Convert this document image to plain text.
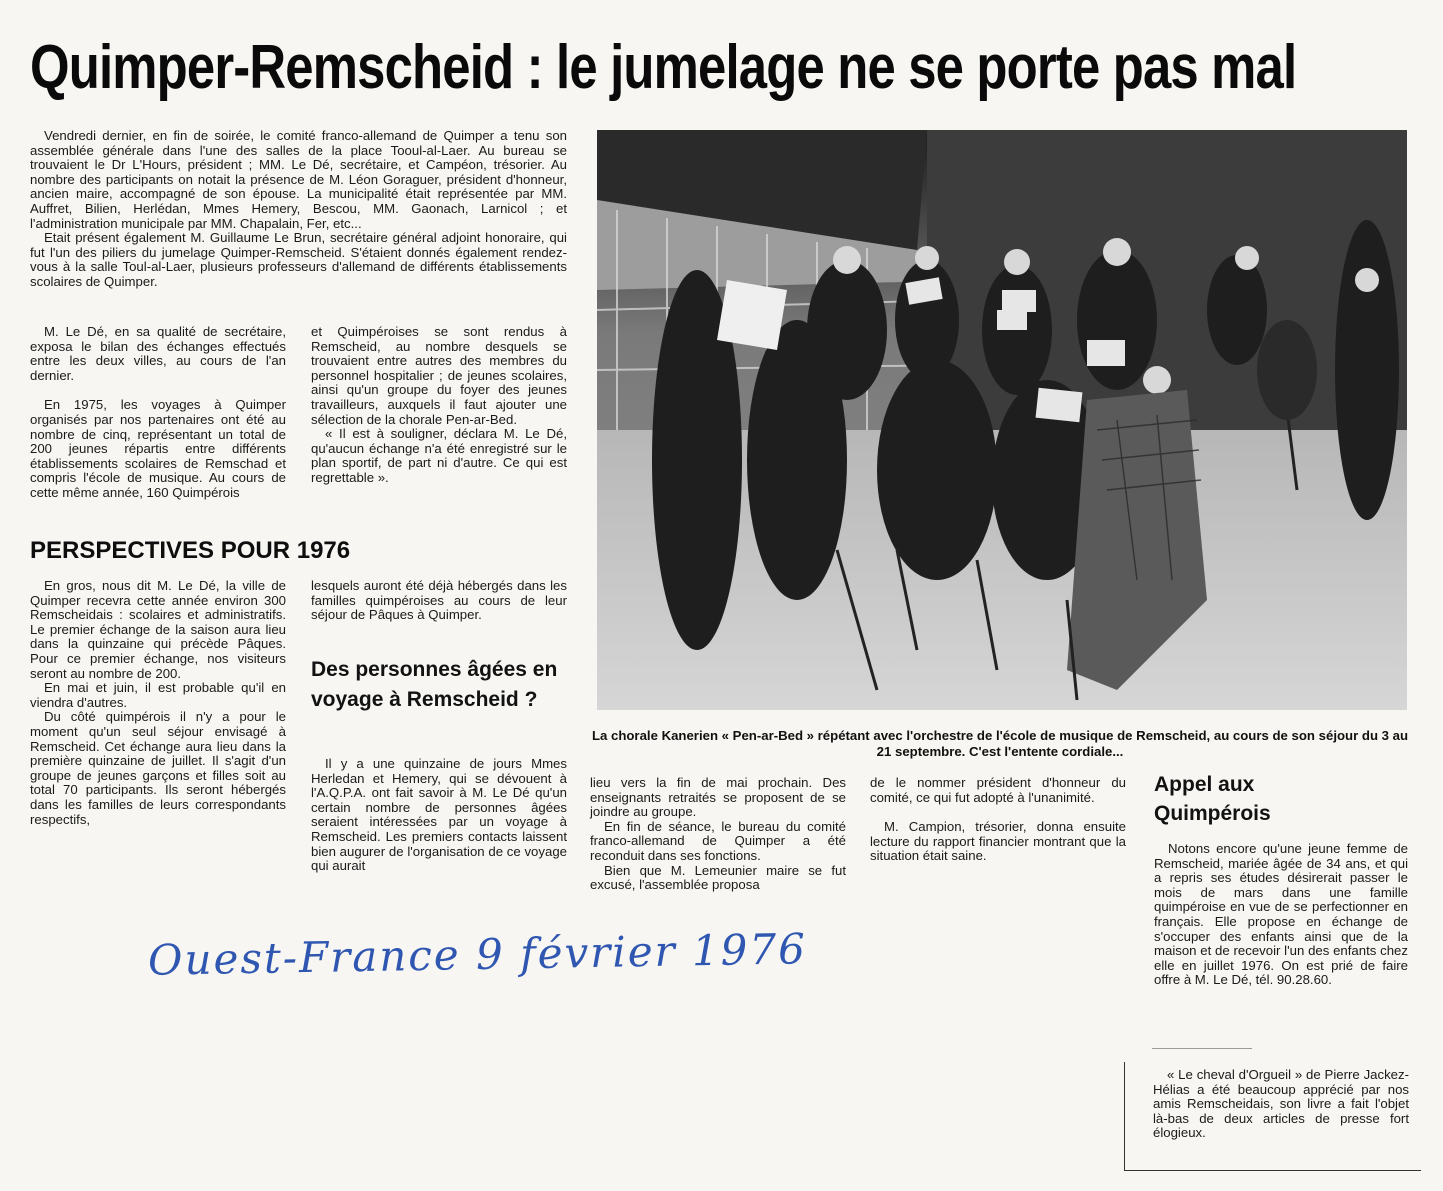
Quimper-Remscheid : le jumelage ne se porte pas mal

Vendredi dernier, en fin de soirée, le comité franco-allemand de Quimper a tenu son assemblée générale dans l'une des salles de la place Tooul-al-Laer. Au bureau se trouvaient le Dr L'Hours, président ; MM. Le Dé, secrétaire, et Campéon, trésorier. Au nombre des participants on notait la présence de M. Léon Goraguer, président d'honneur, ancien maire, accompagné de son épouse. La municipalité était représentée par MM. Auffret, Bilien, Herlédan, Mmes Hemery, Bescou, MM. Gaonach, Larnicol ; et l'administration municipale par MM. Chapalain, Fer, etc...

Etait présent également M. Guillaume Le Brun, secrétaire général adjoint honoraire, qui fut l'un des piliers du jumelage Quimper-Remscheid. S'étaient donnés également rendez-vous à la salle Toul-al-Laer, plusieurs professeurs d'allemand de différents établissements scolaires de Quimper.

M. Le Dé, en sa qualité de secrétaire, exposa le bilan des échanges effectués entre les deux villes, au cours de l'an dernier.

En 1975, les voyages à Quimper organisés par nos partenaires ont été au nombre de cinq, représentant un total de 200 jeunes répartis entre différents établissements scolaires de Remschad et compris l'école de musique. Au cours de cette même année, 160 Quimpérois

et Quimpéroises se sont rendus à Remscheid, au nombre desquels se trouvaient entre autres des membres du personnel hospitalier ; de jeunes scolaires, ainsi qu'un groupe du foyer des jeunes travailleurs, auxquels il faut ajouter une sélection de la chorale Pen-ar-Bed.

« Il est à souligner, déclara M. Le Dé, qu'aucun échange n'a été enregistré sur le plan sportif, de part ni d'autre. Ce qui est regrettable ».

PERSPECTIVES POUR 1976

En gros, nous dit M. Le Dé, la ville de Quimper recevra cette année environ 300 Remscheidais : scolaires et administratifs. Le premier échange de la saison aura lieu dans la quinzaine qui précède Pâques. Pour ce premier échange, nos visiteurs seront au nombre de 200.

En mai et juin, il est probable qu'il en viendra d'autres.

Du côté quimpérois il n'y a pour le moment qu'un seul séjour envisagé à Remscheid. Cet échange aura lieu dans la première quinzaine de juillet. Il s'agit d'un groupe de jeunes garçons et filles soit au total 70 participants. Ils seront hébergés dans les familles de leurs correspondants respectifs,

lesquels auront été déjà hébergés dans les familles quimpéroises au cours de leur séjour de Pâques à Quimper.

Des personnes âgées en voyage à Remscheid ?

Il y a une quinzaine de jours Mmes Herledan et Hemery, qui se dévouent à l'A.Q.P.A. ont fait savoir à M. Le Dé qu'un certain nombre de personnes âgées seraient intéressées par un voyage à Remscheid. Les premiers contacts laissent bien augurer de l'organisation de ce voyage qui aurait

La chorale Kanerien « Pen-ar-Bed » répétant avec l'orchestre de l'école de musique de Remscheid, au cours de son séjour du 3 au 21 septembre. C'est l'entente cordiale...

lieu vers la fin de mai prochain. Des enseignants retraités se proposent de se joindre au groupe.

En fin de séance, le bureau du comité franco-allemand de Quimper a été reconduit dans ses fonctions.

Bien que M. Lemeunier maire se fut excusé, l'assemblée proposa

de le nommer président d'honneur du comité, ce qui fut adopté à l'unanimité.

M. Campion, trésorier, donna ensuite lecture du rapport financier montrant que la situation était saine.

Appel aux Quimpérois

Notons encore qu'une jeune femme de Remscheid, mariée âgée de 34 ans, et qui a repris ses études désirerait passer le mois de mars dans une famille quimpéroise en vue de se perfectionner en français. Elle propose en échange de s'occuper des enfants ainsi que de la maison et de recevoir l'un des enfants chez elle en juillet 1976. On est prié de faire offre à M. Le Dé, tél. 90.28.60.

« Le cheval d'Orgueil » de Pierre Jackez-Hélias a été beaucoup apprécié par nos amis Remscheidais, son livre a fait l'objet là-bas de deux articles de presse fort élogieux.

Ouest-France 9 février 1976
